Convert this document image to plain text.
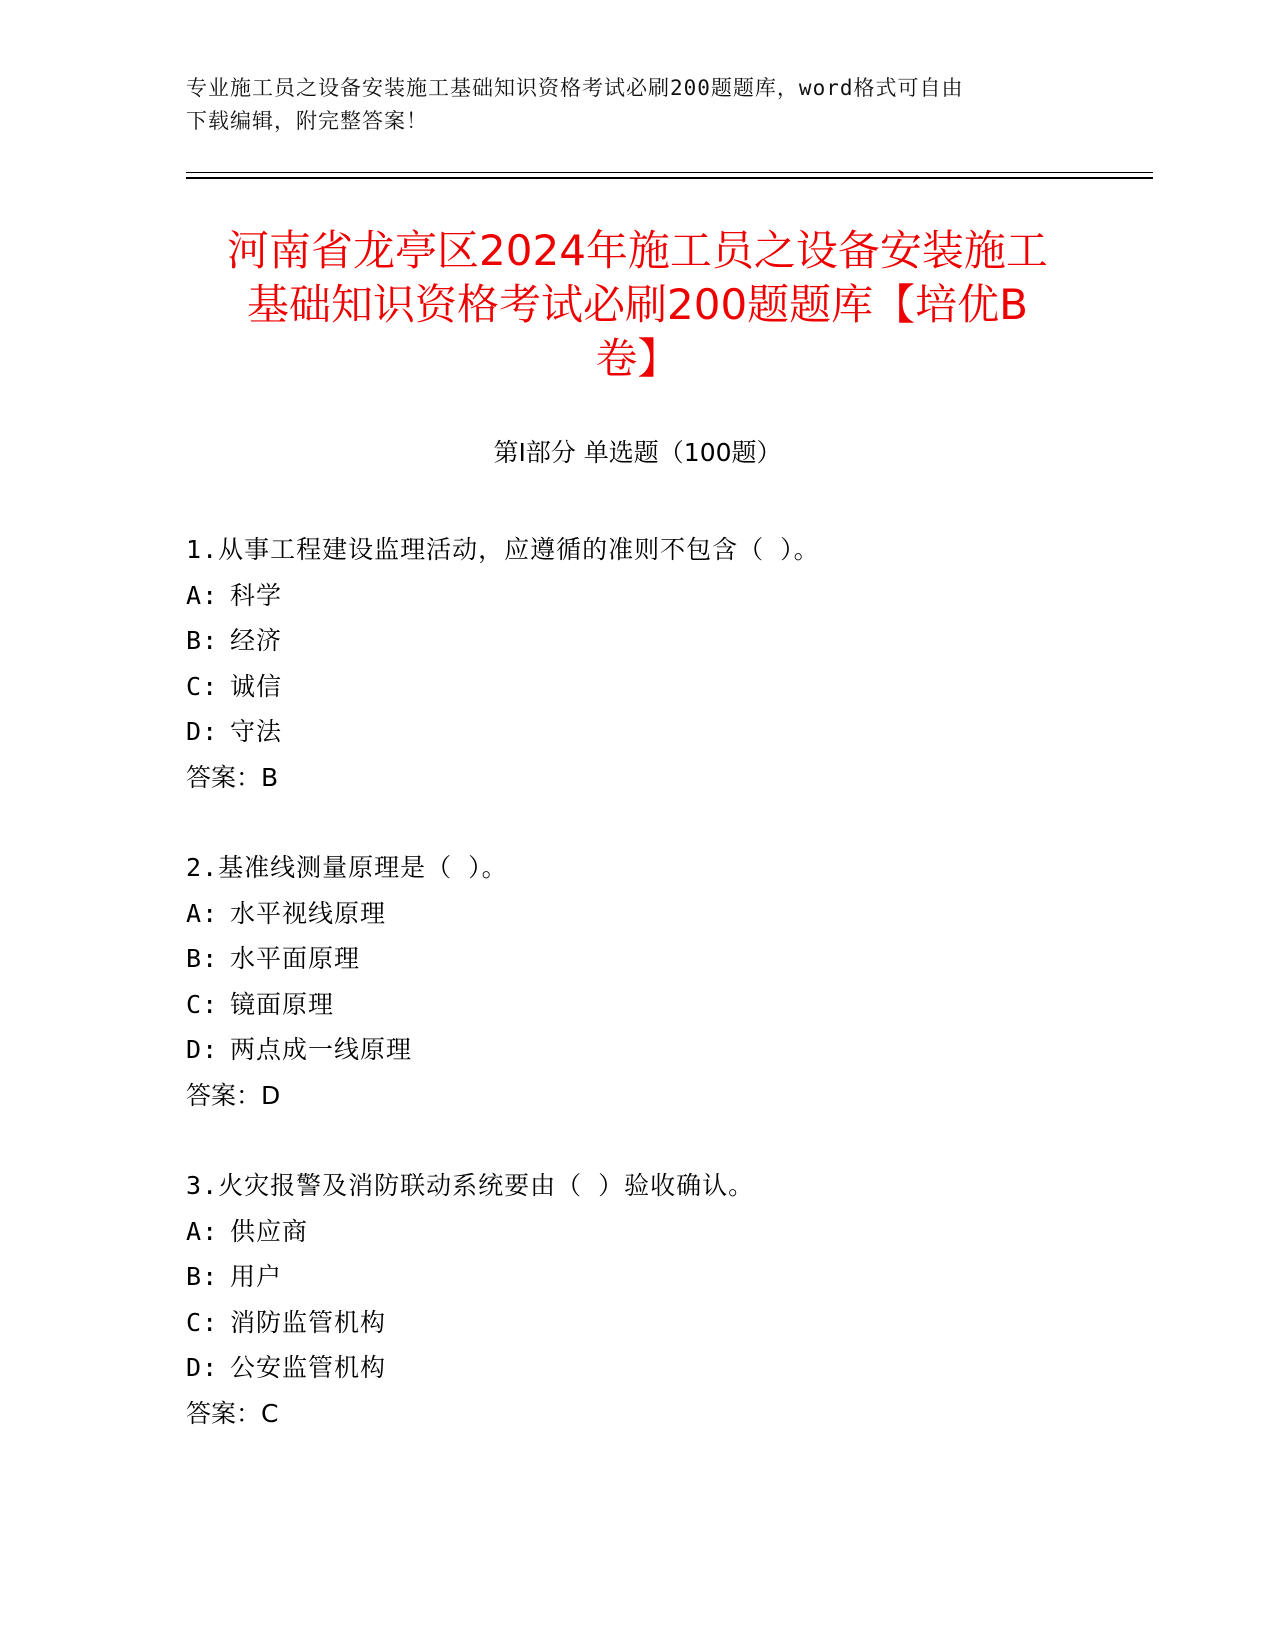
专业施工员之设备安装施工基础知识资格考试必刷200题题库，word格式可自由
下载编辑，附完整答案！
河南省龙亭区2024年施工员之设备安装施工
基础知识资格考试必刷200题题库【培优B
卷】
第Ⅰ部分 单选题（100题）
1 . 从事工程建设监理活动，应遵循的准则不包含（ ）。
A :	科学
B :	经济
C :	诚信
D :	守法
答案：B
2 . 基准线测量原理是（ ）。
A :	水平视线原理
B :	水平面原理
C :	镜面原理
D :	两点成一线原理
答案：D
3 . 火灾报警及消防联动系统要由（ ）验收确认。
A :	供应商
B :	用户
C :	消防监管机构
D :	公安监管机构
答案：C
